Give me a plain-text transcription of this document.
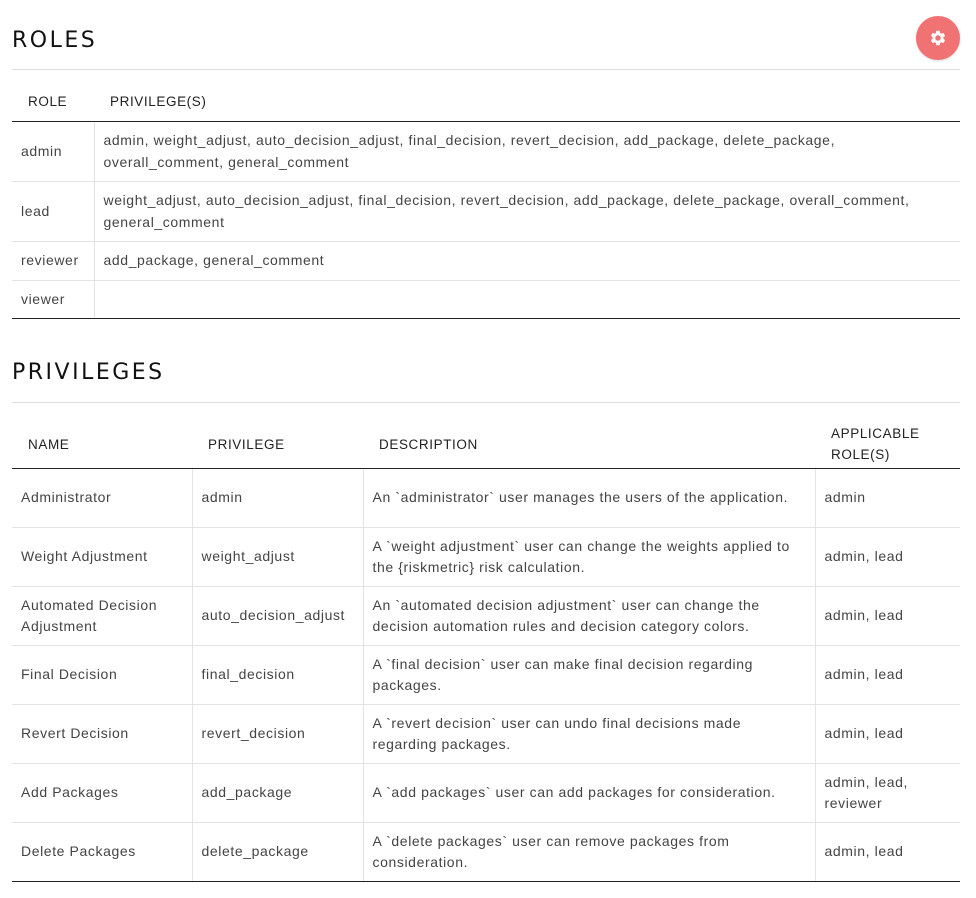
ROLES
ROLE	PRIVILEGE(S)
admin	admin, weight_adjust, auto_decision_adjust, final_decision, revert_decision, add_package, delete_package, overall_comment, general_comment
lead	weight_adjust, auto_decision_adjust, final_decision, revert_decision, add_package, delete_package, overall_comment, general_comment
reviewer	add_package, general_comment
viewer	
PRIVILEGES
NAME	PRIVILEGE	DESCRIPTION	APPLICABLE ROLE(S)
Administrator	admin	An `administrator` user manages the users of the application.	admin
Weight Adjustment	weight_adjust	A `weight adjustment` user can change the weights applied to the {riskmetric} risk calculation.	admin, lead
Automated Decision Adjustment	auto_decision_adjust	An `automated decision adjustment` user can change the decision automation rules and decision category colors.	admin, lead
Final Decision	final_decision	A `final decision` user can make final decision regarding packages.	admin, lead
Revert Decision	revert_decision	A `revert decision` user can undo final decisions made regarding packages.	admin, lead
Add Packages	add_package	A `add packages` user can add packages for consideration.	admin, lead, reviewer
Delete Packages	delete_package	A `delete packages` user can remove packages from consideration.	admin, lead
